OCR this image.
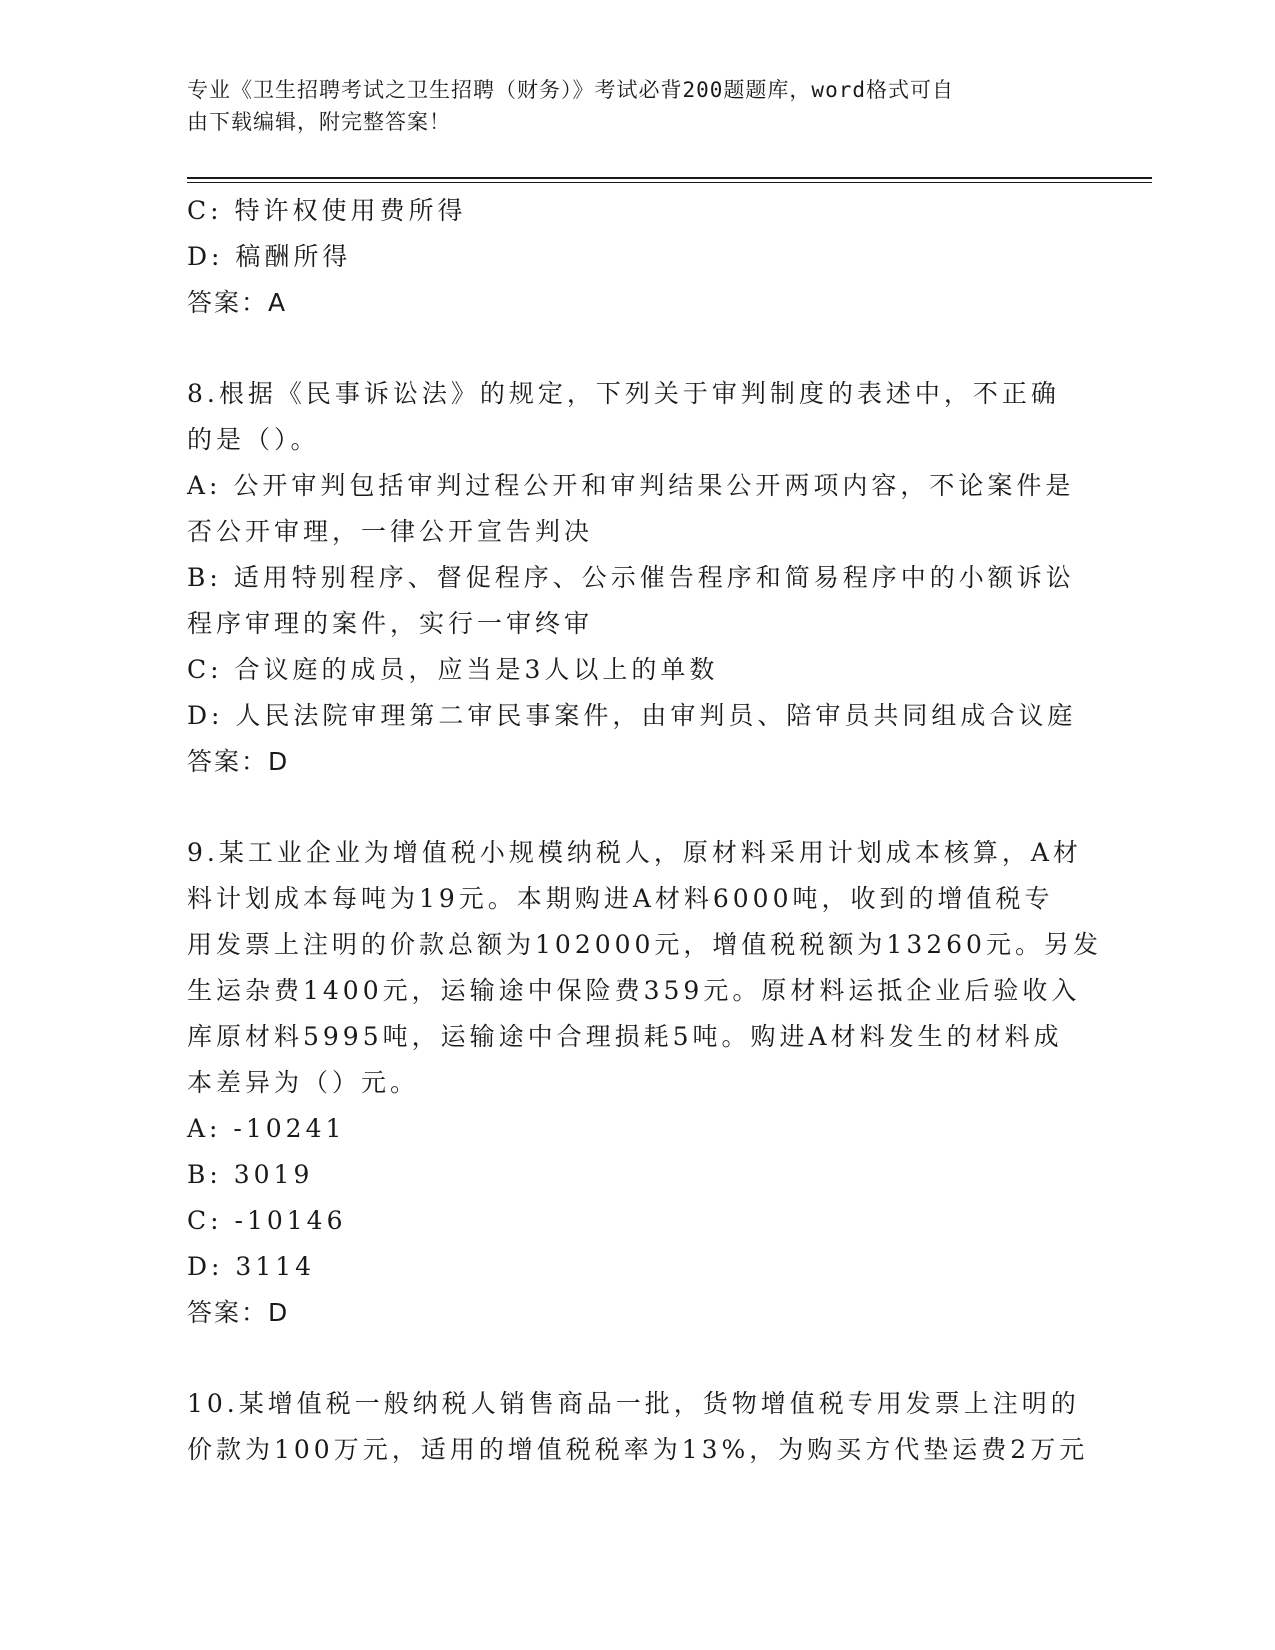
专业《卫生招聘考试之卫生招聘（财务）》考试必背200题题库，word格式可自
由下载编辑，附完整答案！
C: 特许权使用费所得
D: 稿酬所得
答案：A
8.根据《民事诉讼法》的规定，下列关于审判制度的表述中，不正确
的是（）。
A: 公开审判包括审判过程公开和审判结果公开两项内容，不论案件是
否公开审理，一律公开宣告判决
B: 适用特别程序、督促程序、公示催告程序和简易程序中的小额诉讼
程序审理的案件，实行一审终审
C: 合议庭的成员，应当是3人以上的单数
D: 人民法院审理第二审民事案件，由审判员、陪审员共同组成合议庭
答案：D
9.某工业企业为增值税小规模纳税人，原材料采用计划成本核算，A材
料计划成本每吨为19元。本期购进A材料6000吨，收到的增值税专
用发票上注明的价款总额为102000元，增值税税额为13260元。另发
生运杂费1400元，运输途中保险费359元。原材料运抵企业后验收入
库原材料5995吨，运输途中合理损耗5吨。购进A材料发生的材料成
本差异为（）元。
A: -10241
B: 3019
C: -10146
D: 3114
答案：D
10.某增值税一般纳税人销售商品一批，货物增值税专用发票上注明的
价款为100万元，适用的增值税税率为13%，为购买方代垫运费2万元
